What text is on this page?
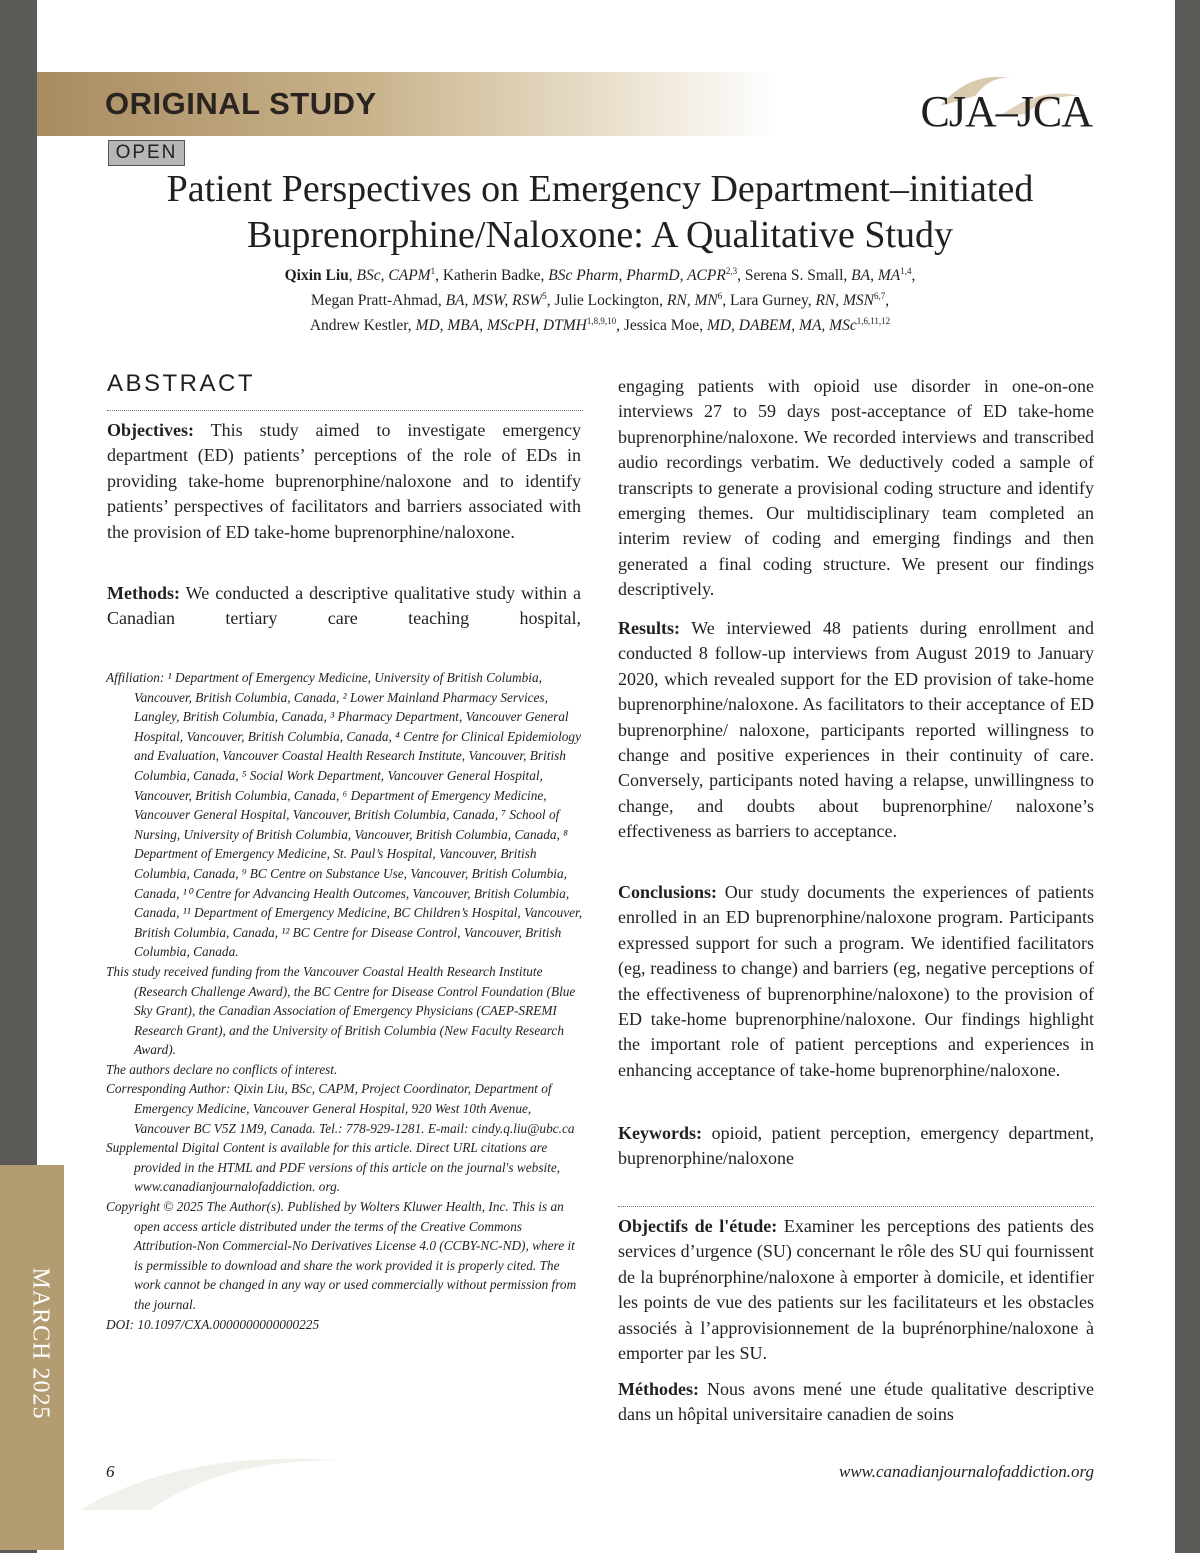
MARCH 2025
ORIGINAL STUDY	CJA–JCA
OPEN
Patient Perspectives on Emergency Department–initiated
Buprenorphine/Naloxone: A Qualitative Study
Qixin Liu, BSc, CAPM$^1$, Katherin Badke, BSc Pharm, PharmD, ACPR$^{2,3}$, Serena S. Small, BA, MA$^{1,4}$,
Megan Pratt-Ahmad, BA, MSW, RSW$^5$, Julie Lockington, RN, $MN^6$, Lara Gurney, RN, MSN$^{6,7}$,
Andrew Kestler, MD, MBA, MScPH, DTMH$^{1,8,9,10}$, Jessica Moe, MD, DABEM, MA, MSc$^{1,6,11,12}$
ABSTRACT

Objectives: This study aimed to investigate emergency department (ED) patients’ perceptions of the role of EDs in providing take-home buprenorphine/naloxone and to identify patients’ perspectives of facilitators and barriers associated with the provision of ED take-home buprenorphine/naloxone.

Methods: We conducted a descriptive qualitative study within a Canadian tertiary care teaching hospital,

Affiliation: ¹ Department of Emergency Medicine, University of British Columbia, Vancouver, British Columbia, Canada, ² Lower Mainland Pharmacy Services, Langley, British Columbia, Canada, ³ Pharmacy Department, Vancouver General Hospital, Vancouver, British Columbia, Canada, ⁴ Centre for Clinical Epidemiology and Evaluation, Vancouver Coastal Health Research Institute, Vancouver, British Columbia, Canada, ⁵ Social Work Department, Vancouver General Hospital, Vancouver, British Columbia, Canada, ⁶ Department of Emergency Medicine, Vancouver General Hospital, Vancouver, British Columbia, Canada, ⁷ School of Nursing, University of British Columbia, Vancouver, British Columbia, Canada, ⁸ Department of Emergency Medicine, St. Paul’s Hospital, Vancouver, British Columbia, Canada, ⁹ BC Centre on Substance Use, Vancouver, British Columbia, Canada, ¹⁰ Centre for Advancing Health Outcomes, Vancouver, British Columbia, Canada, ¹¹ Department of Emergency Medicine, BC Children’s Hospital, Vancouver, British Columbia, Canada, ¹² BC Centre for Disease Control, Vancouver, British Columbia, Canada.

This study received funding from the Vancouver Coastal Health Research Institute (Research Challenge Award), the BC Centre for Disease Control Foundation (Blue Sky Grant), the Canadian Association of Emergency Physicians (CAEP-SREMI Research Grant), and the University of British Columbia (New Faculty Research Award).

The authors declare no conflicts of interest.

Corresponding Author: Qixin Liu, BSc, CAPM, Project Coordinator, Department of Emergency Medicine, Vancouver General Hospital, 920 West 10th Avenue, Vancouver BC V5Z 1M9, Canada. Tel.: 778-929-1281. E-mail: cindy.q.liu@ubc.ca

Supplemental Digital Content is available for this article. Direct URL citations are provided in the HTML and PDF versions of this article on the journal's website, www.canadianjournalofaddiction. org.

Copyright © 2025 The Author(s). Published by Wolters Kluwer Health, Inc. This is an open access article distributed under the terms of the Creative Commons Attribution-Non Commercial-No Derivatives License 4.0 (CCBY-NC-ND), where it is permissible to download and share the work provided it is properly cited. The work cannot be changed in any way or used commercially without permission from the journal.

DOI: 10.1097/CXA.0000000000000225

engaging patients with opioid use disorder in one-on-one interviews 27 to 59 days post-acceptance of ED take-home buprenorphine/naloxone. We recorded interviews and transcribed audio recordings verbatim. We deductively coded a sample of transcripts to generate a provisional coding structure and identify emerging themes. Our multidisciplinary team completed an interim review of coding and emerging findings and then generated a final coding structure. We present our findings descriptively.

Results: We interviewed 48 patients during enrollment and conducted 8 follow-up interviews from August 2019 to January 2020, which revealed support for the ED provision of take-home buprenorphine/naloxone. As facilitators to their acceptance of ED buprenorphine/ naloxone, participants reported willingness to change and positive experiences in their continuity of care. Conversely, participants noted having a relapse, unwillingness to change, and doubts about buprenorphine/ naloxone’s effectiveness as barriers to acceptance.

Conclusions: Our study documents the experiences of patients enrolled in an ED buprenorphine/naloxone program. Participants expressed support for such a program. We identified facilitators (eg, readiness to change) and barriers (eg, negative perceptions of the effectiveness of buprenorphine/naloxone) to the provision of ED take-home buprenorphine/naloxone. Our findings highlight the important role of patient perceptions and experiences in enhancing acceptance of take-home buprenorphine/naloxone.

Keywords: opioid, patient perception, emergency department, buprenorphine/naloxone

Objectifs de l'étude: Examiner les perceptions des patients des services d’urgence (SU) concernant le rôle des SU qui fournissent de la buprénorphine/naloxone à emporter à domicile, et identifier les points de vue des patients sur les facilitateurs et les obstacles associés à l’approvisionnement de la buprénorphine/naloxone à emporter par les SU.

Méthodes: Nous avons mené une étude qualitative descriptive dans un hôpital universitaire canadien de soins

6	www.canadianjournalofaddiction.org
